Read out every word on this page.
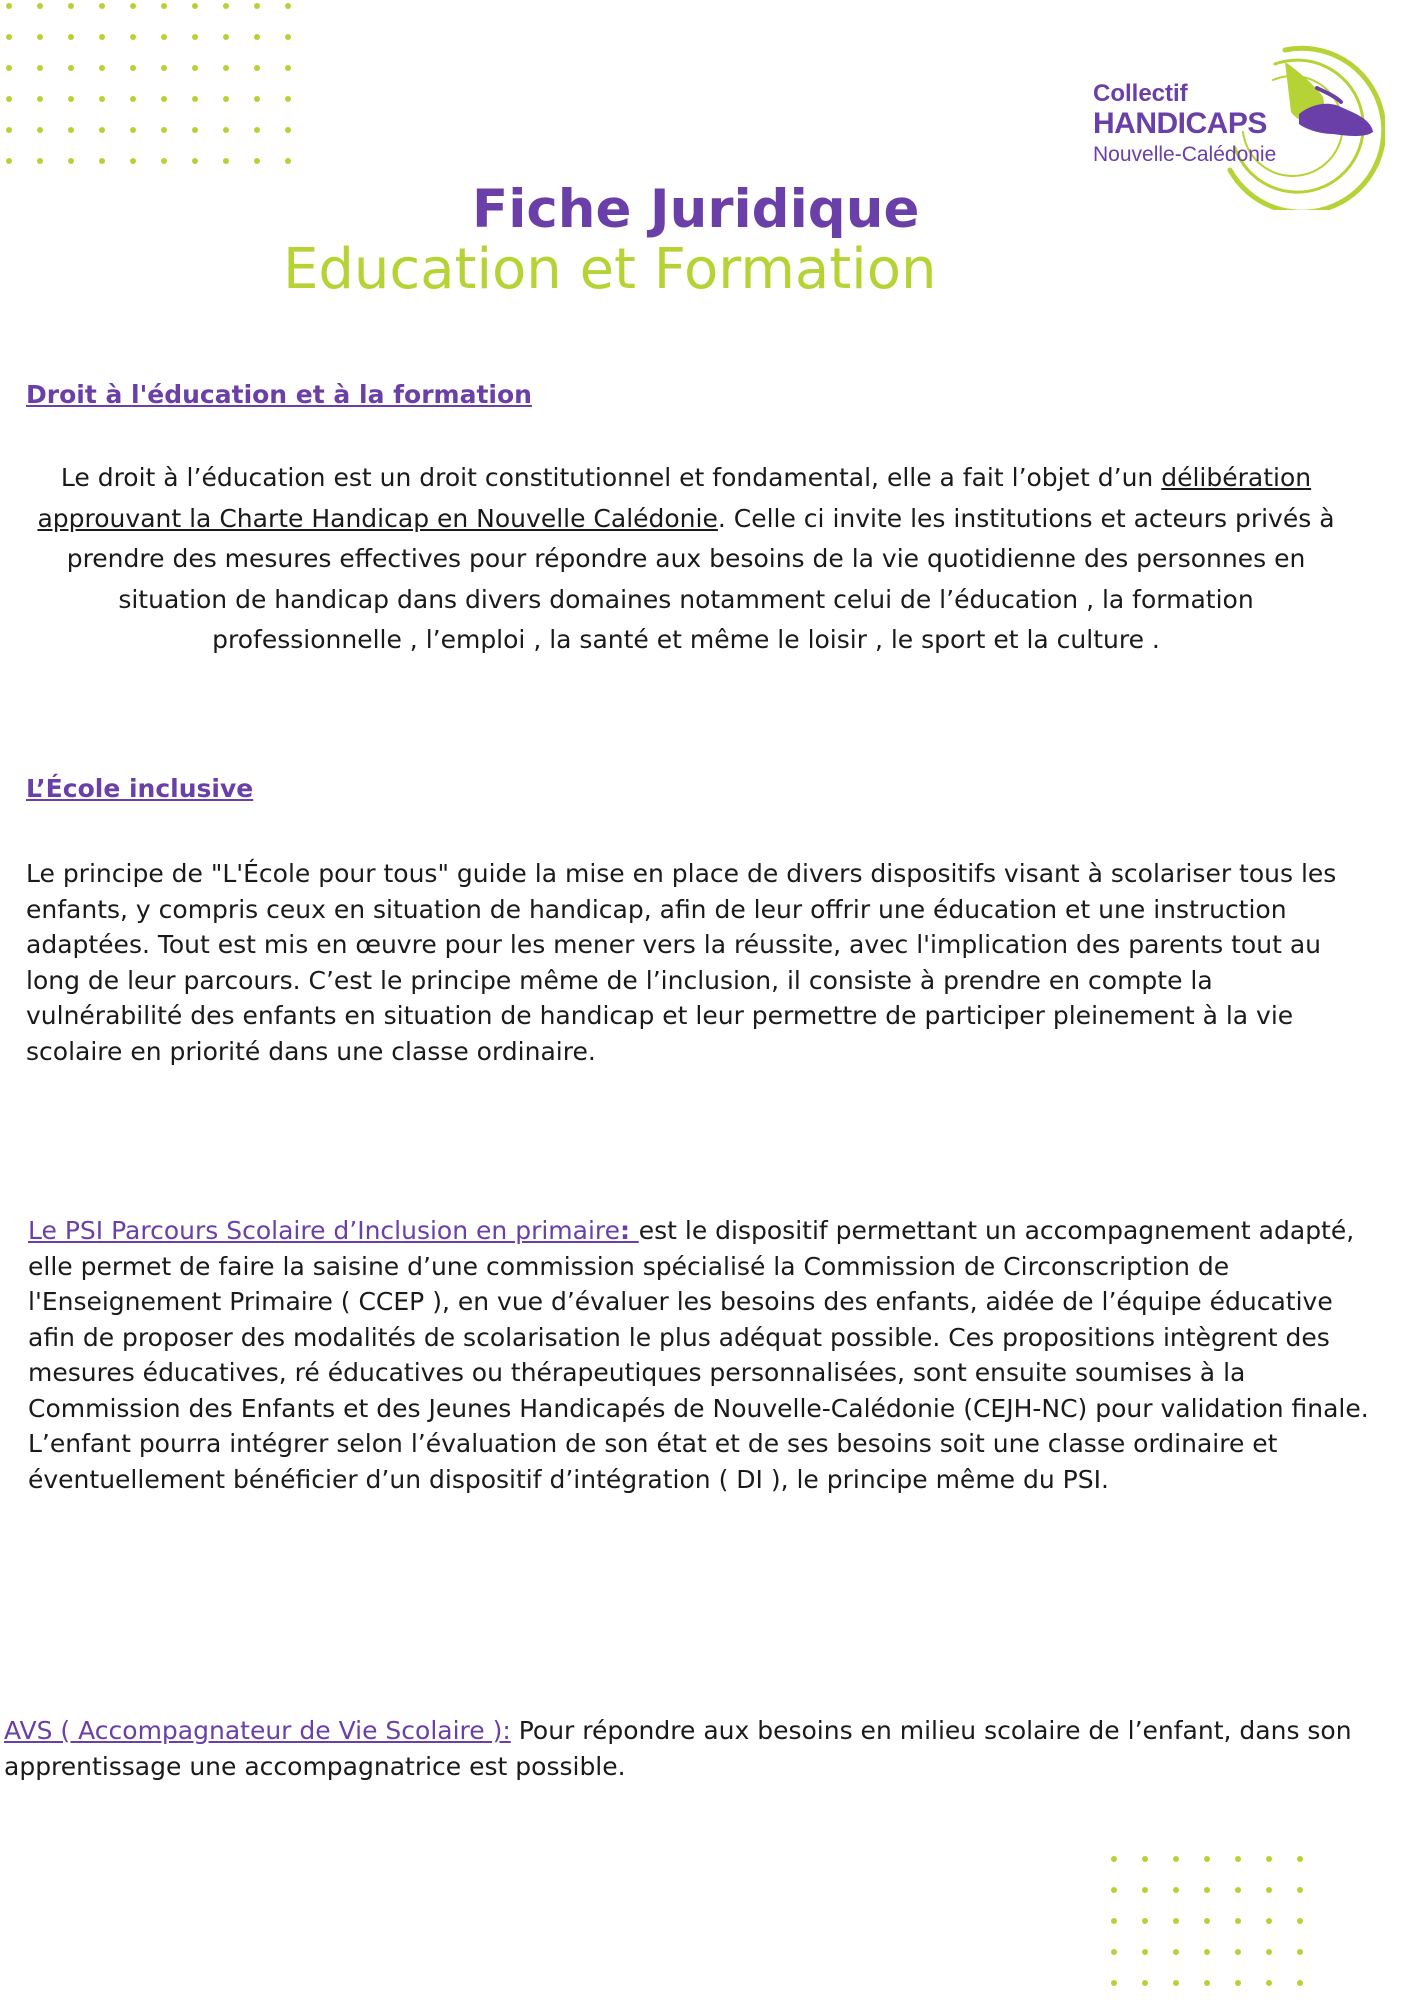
Collectif
HANDICAPS
Nouvelle-Calédonie
Fiche Juridique
Education et Formation
Droit à l'éducation et à la formation

Le droit à l’éducation est un droit constitutionnel et fondamental, elle a fait l’objet d’un délibération approuvant la Charte Handicap en Nouvelle Calédonie. Celle ci invite les institutions et acteurs privés à prendre des mesures effectives pour répondre aux besoins de la vie quotidienne des personnes en situation de handicap dans divers domaines notamment celui de l’éducation , la formation professionnelle , l’emploi , la santé et même le loisir , le sport et la culture .

L’École inclusive

Le principe de "L'École pour tous" guide la mise en place de divers dispositifs visant à scolariser tous les enfants, y compris ceux en situation de handicap, afin de leur offrir une éducation et une instruction adaptées. Tout est mis en œuvre pour les mener vers la réussite, avec l'implication des parents tout au long de leur parcours. C’est le principe même de l’inclusion, il consiste à prendre en compte la vulnérabilité des enfants en situation de handicap et leur permettre de participer pleinement à la vie scolaire en priorité dans une classe ordinaire.

Le PSI Parcours Scolaire d’Inclusion en primaire: est le dispositif permettant un accompagnement adapté, elle permet de faire la saisine d’une commission spécialisé la Commission de Circonscription de l'Enseignement Primaire ( CCEP ), en vue d’évaluer les besoins des enfants, aidée de l’équipe éducative afin de proposer des modalités de scolarisation le plus adéquat possible. Ces propositions intègrent des mesures éducatives, ré éducatives ou thérapeutiques personnalisées, sont ensuite soumises à la Commission des Enfants et des Jeunes Handicapés de Nouvelle-Calédonie (CEJH-NC) pour validation finale. L’enfant pourra intégrer selon l’évaluation de son état et de ses besoins soit une classe ordinaire et éventuellement bénéficier d’un dispositif d’intégration ( DI ), le principe même du PSI.

AVS ( Accompagnateur de Vie Scolaire ): Pour répondre aux besoins en milieu scolaire de l’enfant, dans son apprentissage une accompagnatrice est possible.
